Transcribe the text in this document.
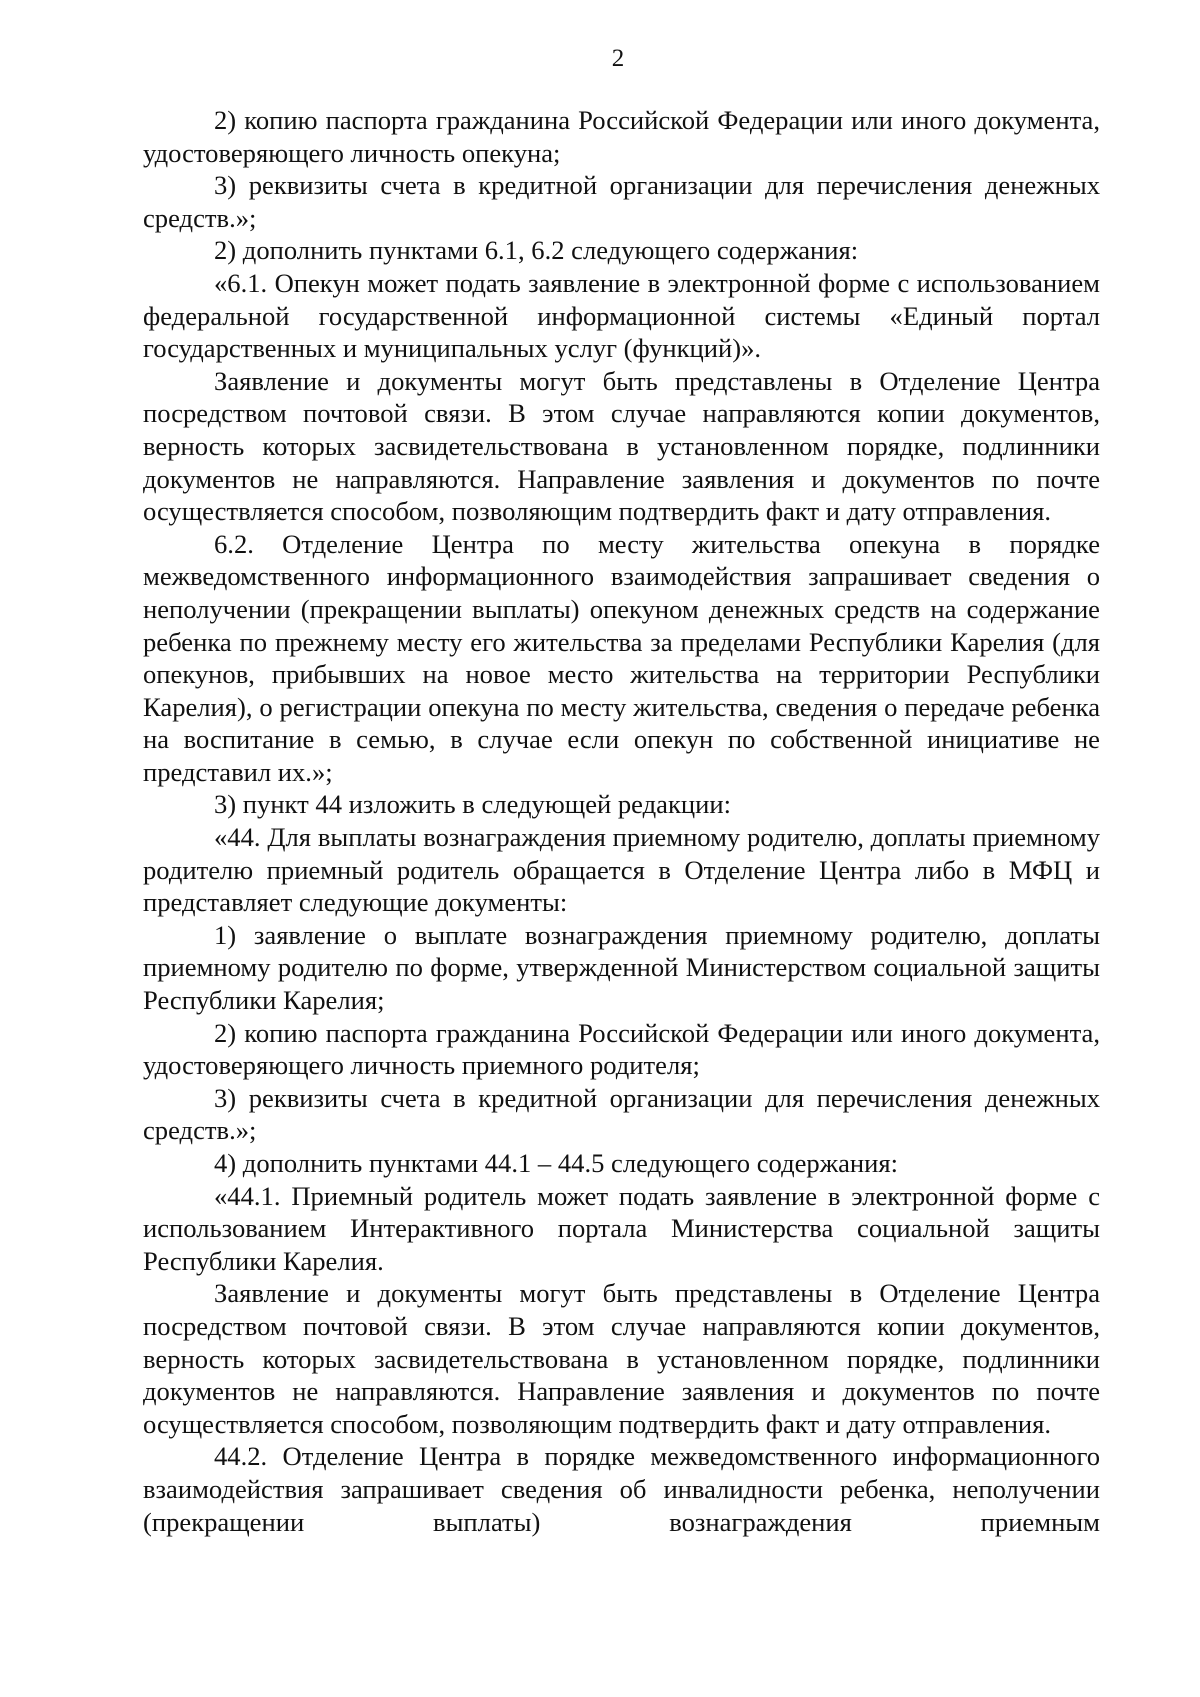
2

2) копию паспорта гражданина Российской Федерации или иного документа, удостоверяющего личность опекуна;

3) реквизиты счета в кредитной организации для перечисления денежных средств.»;

2) дополнить пунктами 6.1, 6.2 следующего содержания:

«6.1. Опекун может подать заявление в электронной форме с использованием федеральной государственной информационной системы «Единый портал государственных и муниципальных услуг (функций)».

Заявление и документы могут быть представлены в Отделение Центра посредством почтовой связи. В этом случае направляются копии документов, верность которых засвидетельствована в установленном порядке, подлинники документов не направляются. Направление заявления и документов по почте осуществляется способом, позволяющим подтвердить факт и дату отправления.

6.2. Отделение Центра по месту жительства опекуна в порядке межведомственного информационного взаимодействия запрашивает сведения о неполучении (прекращении выплаты) опекуном денежных средств на содержание ребенка по прежнему месту его жительства за пределами Республики Карелия (для опекунов, прибывших на новое место жительства на территории Республики Карелия), о регистрации опекуна по месту жительства, сведения о передаче ребенка на воспитание в семью, в случае если опекун по собственной инициативе не представил их.»;

3) пункт 44 изложить в следующей редакции:

«44. Для выплаты вознаграждения приемному родителю, доплаты приемному родителю приемный родитель обращается в Отделение Центра либо в МФЦ и представляет следующие документы:

1) заявление о выплате вознаграждения приемному родителю, доплаты приемному родителю по форме, утвержденной Министерством социальной защиты Республики Карелия;

2) копию паспорта гражданина Российской Федерации или иного документа, удостоверяющего личность приемного родителя;

3) реквизиты счета в кредитной организации для перечисления денежных средств.»;

4) дополнить пунктами 44.1 – 44.5 следующего содержания:

«44.1. Приемный родитель может подать заявление в электронной форме с использованием Интерактивного портала Министерства социальной защиты Республики Карелия.

Заявление и документы могут быть представлены в Отделение Центра посредством почтовой связи. В этом случае направляются копии документов, верность которых засвидетельствована в установленном порядке, подлинники документов не направляются. Направление заявления и документов по почте осуществляется способом, позволяющим подтвердить факт и дату отправления.

44.2. Отделение Центра в порядке межведомственного информационного взаимодействия запрашивает сведения об инвалидности ребенка, неполучении (прекращении выплаты) вознаграждения приемным
